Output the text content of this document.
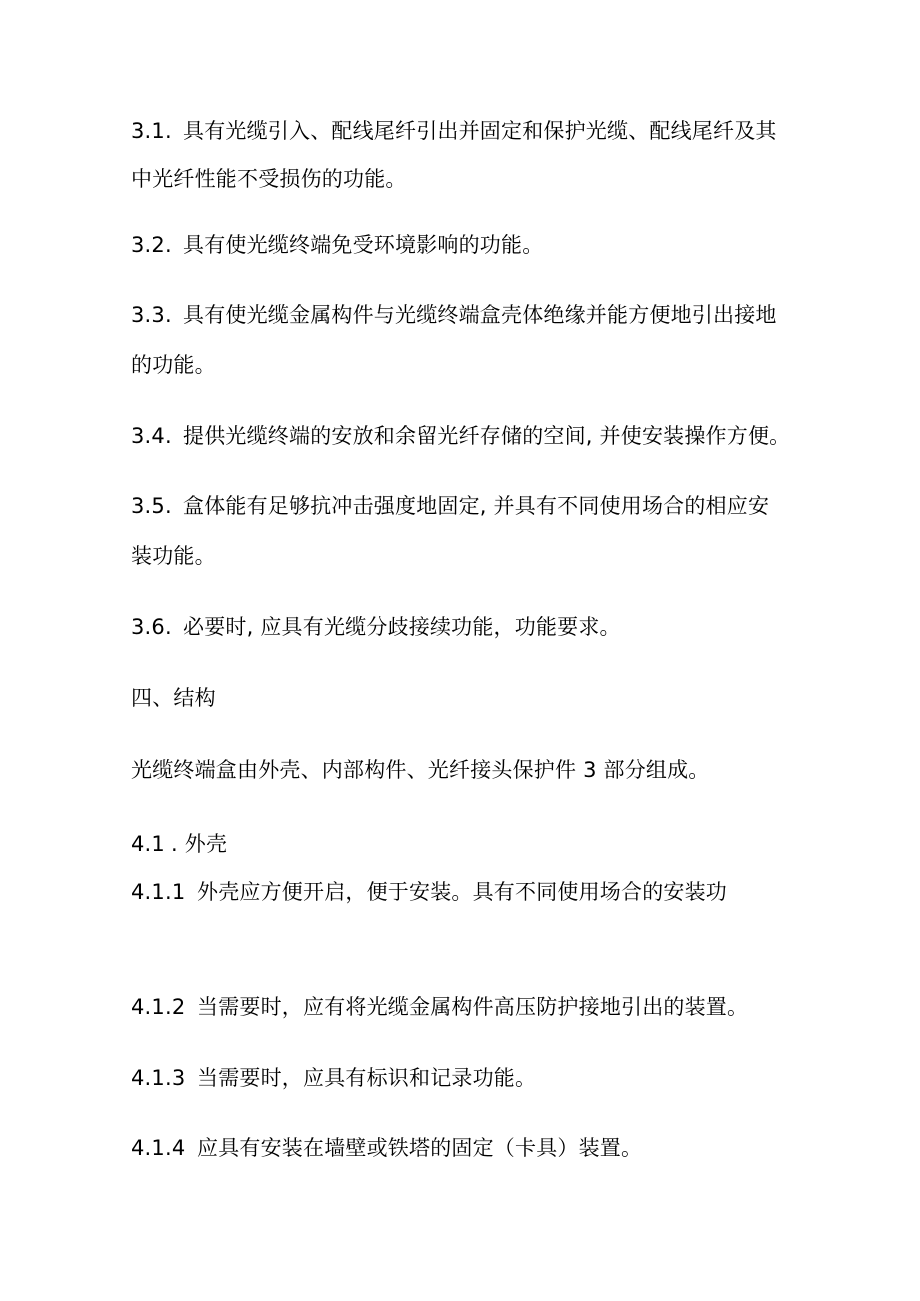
3.1. 具有光缆引入、配线尾纤引出并固定和保护光缆、配线尾纤及其
中光纤性能不受损伤的功能。
3.2. 具有使光缆终端免受环境影响的功能。
3.3. 具有使光缆金属构件与光缆终端盒壳体绝缘并能方便地引出接地
的功能。
3.4. 提供光缆终端的安放和余留光纤存储的空间, 并使安装操作方便。
3.5. 盒体能有足够抗冲击强度地固定, 并具有不同使用场合的相应安
装功能。
3.6. 必要时, 应具有光缆分歧接续功能，功能要求。
四、结构
光缆终端盒由外壳、内部构件、光纤接头保护件 3 部分组成。
4.1 . 外壳
4.1.1 外壳应方便开启，便于安装。具有不同使用场合的安装功
4.1.2 当需要时，应有将光缆金属构件高压防护接地引出的装置。
4.1.3 当需要时，应具有标识和记录功能。
4.1.4 应具有安装在墙壁或铁塔的固定（卡具）装置。
